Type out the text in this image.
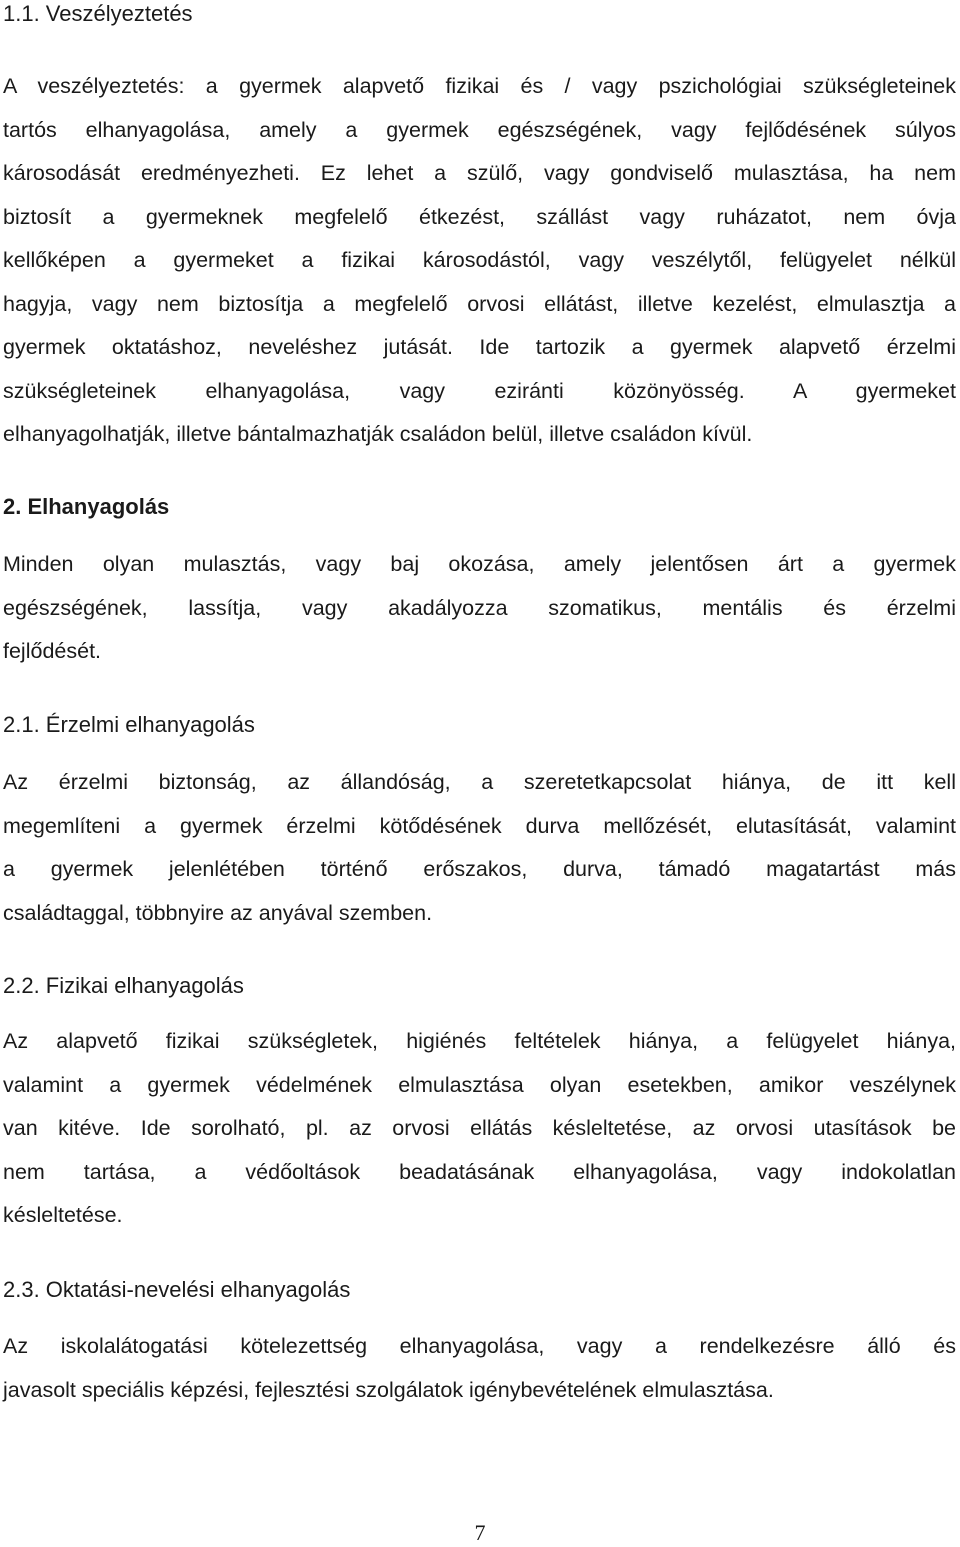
1.1. Veszélyeztetés

A veszélyeztetés: a gyermek alapvető fizikai és / vagy pszichológiai szükségleteinek
tartós elhanyagolása, amely a gyermek egészségének, vagy fejlődésének súlyos
károsodását eredményezheti. Ez lehet a szülő, vagy gondviselő mulasztása, ha nem
biztosít a gyermeknek megfelelő étkezést, szállást vagy ruházatot, nem óvja
kellőképen a gyermeket a fizikai károsodástól, vagy veszélytől, felügyelet nélkül
hagyja, vagy nem biztosítja a megfelelő orvosi ellátást, illetve kezelést, elmulasztja a
gyermek oktatáshoz, neveléshez jutását. Ide tartozik a gyermek alapvető érzelmi
szükségleteinek elhanyagolása, vagy eziránti közönyösség. A gyermeket
elhanyagolhatják, illetve bántalmazhatják családon belül, illetve családon kívül.

2. Elhanyagolás

Minden olyan mulasztás, vagy baj okozása, amely jelentősen árt a gyermek
egészségének, lassítja, vagy akadályozza szomatikus, mentális és érzelmi
fejlődését.

2.1. Érzelmi elhanyagolás

Az érzelmi biztonság, az állandóság, a szeretetkapcsolat hiánya, de itt kell
megemlíteni a gyermek érzelmi kötődésének durva mellőzését, elutasítását, valamint
a gyermek jelenlétében történő erőszakos, durva, támadó magatartást más
családtaggal, többnyire az anyával szemben.

2.2. Fizikai elhanyagolás

Az alapvető fizikai szükségletek, higiénés feltételek hiánya, a felügyelet hiánya,
valamint a gyermek védelmének elmulasztása olyan esetekben, amikor veszélynek
van kitéve. Ide sorolható, pl. az orvosi ellátás késleltetése, az orvosi utasítások be
nem tartása, a védőoltások beadatásának elhanyagolása, vagy indokolatlan
késleltetése.

2.3. Oktatási-nevelési elhanyagolás

Az iskolalátogatási kötelezettség elhanyagolása, vagy a rendelkezésre álló és
javasolt speciális képzési, fejlesztési szolgálatok igénybevételének elmulasztása.

7
